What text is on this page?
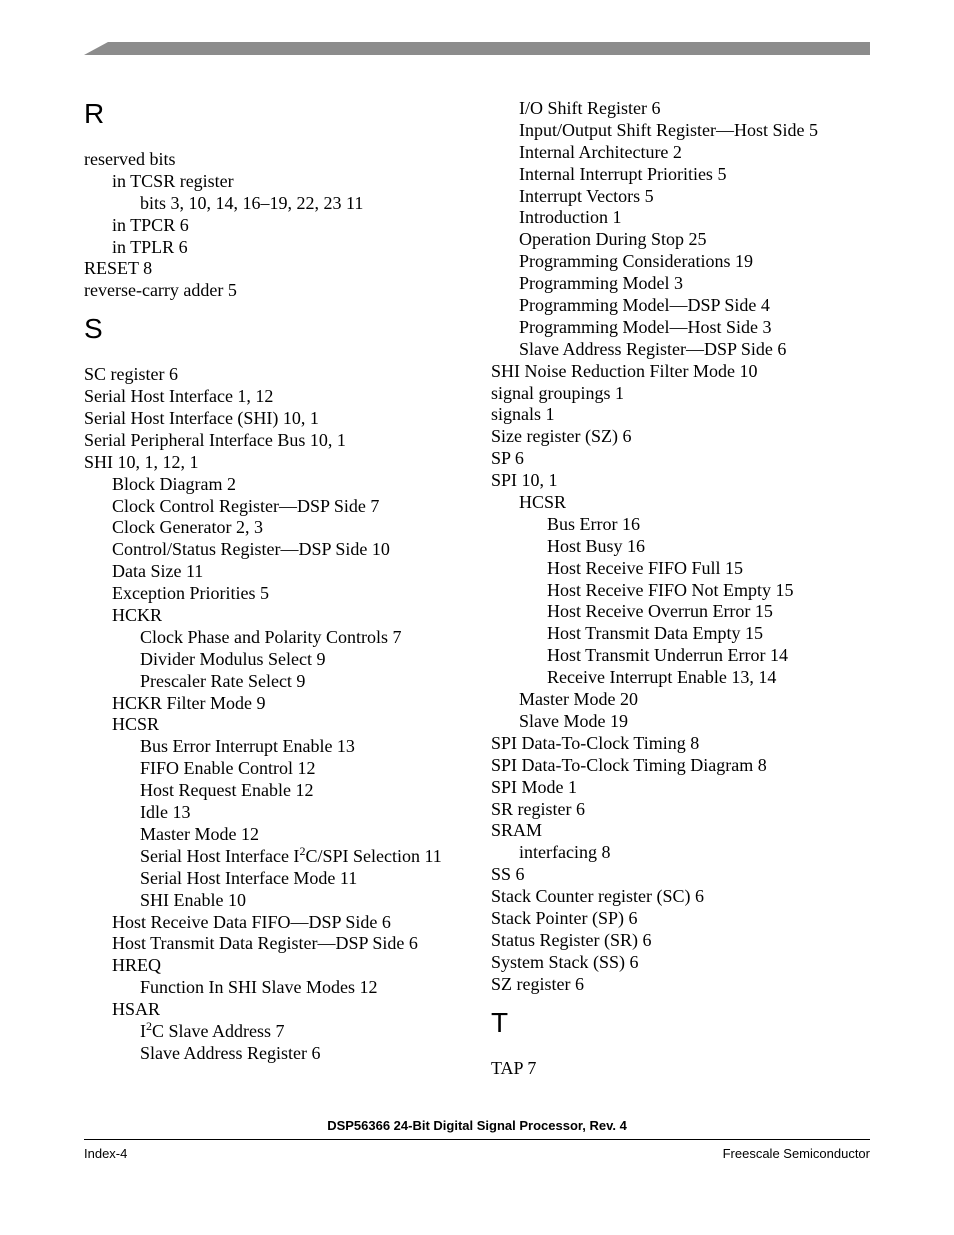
R
reserved bits
in TCSR register
bits 3, 10, 14, 16–19, 22, 23 11
in TPCR 6
in TPLR 6
RESET 8
reverse-carry adder 5
S
SC register 6
Serial Host Interface 1, 12
Serial Host Interface (SHI) 10, 1
Serial Peripheral Interface Bus 10, 1
SHI 10, 1, 12, 1
Block Diagram 2
Clock Control Register—DSP Side 7
Clock Generator 2, 3
Control/Status Register—DSP Side 10
Data Size 11
Exception Priorities 5
HCKR
Clock Phase and Polarity Controls 7
Divider Modulus Select 9
Prescaler Rate Select 9
HCKR Filter Mode 9
HCSR
Bus Error Interrupt Enable 13
FIFO Enable Control 12
Host Request Enable 12
Idle 13
Master Mode 12
Serial Host Interface $I^2C$/SPI Selection 11
Serial Host Interface Mode 11
SHI Enable 10
Host Receive Data FIFO—DSP Side 6
Host Transmit Data Register—DSP Side 6
HREQ
Function In SHI Slave Modes 12
HSAR
$I^2C$ Slave Address 7
Slave Address Register 6
I/O Shift Register 6
Input/Output Shift Register—Host Side 5
Internal Architecture 2
Internal Interrupt Priorities 5
Interrupt Vectors 5
Introduction 1
Operation During Stop 25
Programming Considerations 19
Programming Model 3
Programming Model—DSP Side 4
Programming Model—Host Side 3
Slave Address Register—DSP Side 6
SHI Noise Reduction Filter Mode 10
signal groupings 1
signals 1
Size register (SZ) 6
SP 6
SPI 10, 1
HCSR
Bus Error 16
Host Busy 16
Host Receive FIFO Full 15
Host Receive FIFO Not Empty 15
Host Receive Overrun Error 15
Host Transmit Data Empty 15
Host Transmit Underrun Error 14
Receive Interrupt Enable 13, 14
Master Mode 20
Slave Mode 19
SPI Data-To-Clock Timing 8
SPI Data-To-Clock Timing Diagram 8
SPI Mode 1
SR register 6
SRAM
interfacing 8
SS 6
Stack Counter register (SC) 6
Stack Pointer (SP) 6
Status Register (SR) 6
System Stack (SS) 6
SZ register 6
T
TAP 7
DSP56366 24-Bit Digital Signal Processor, Rev. 4
Index-4	Freescale Semiconductor
